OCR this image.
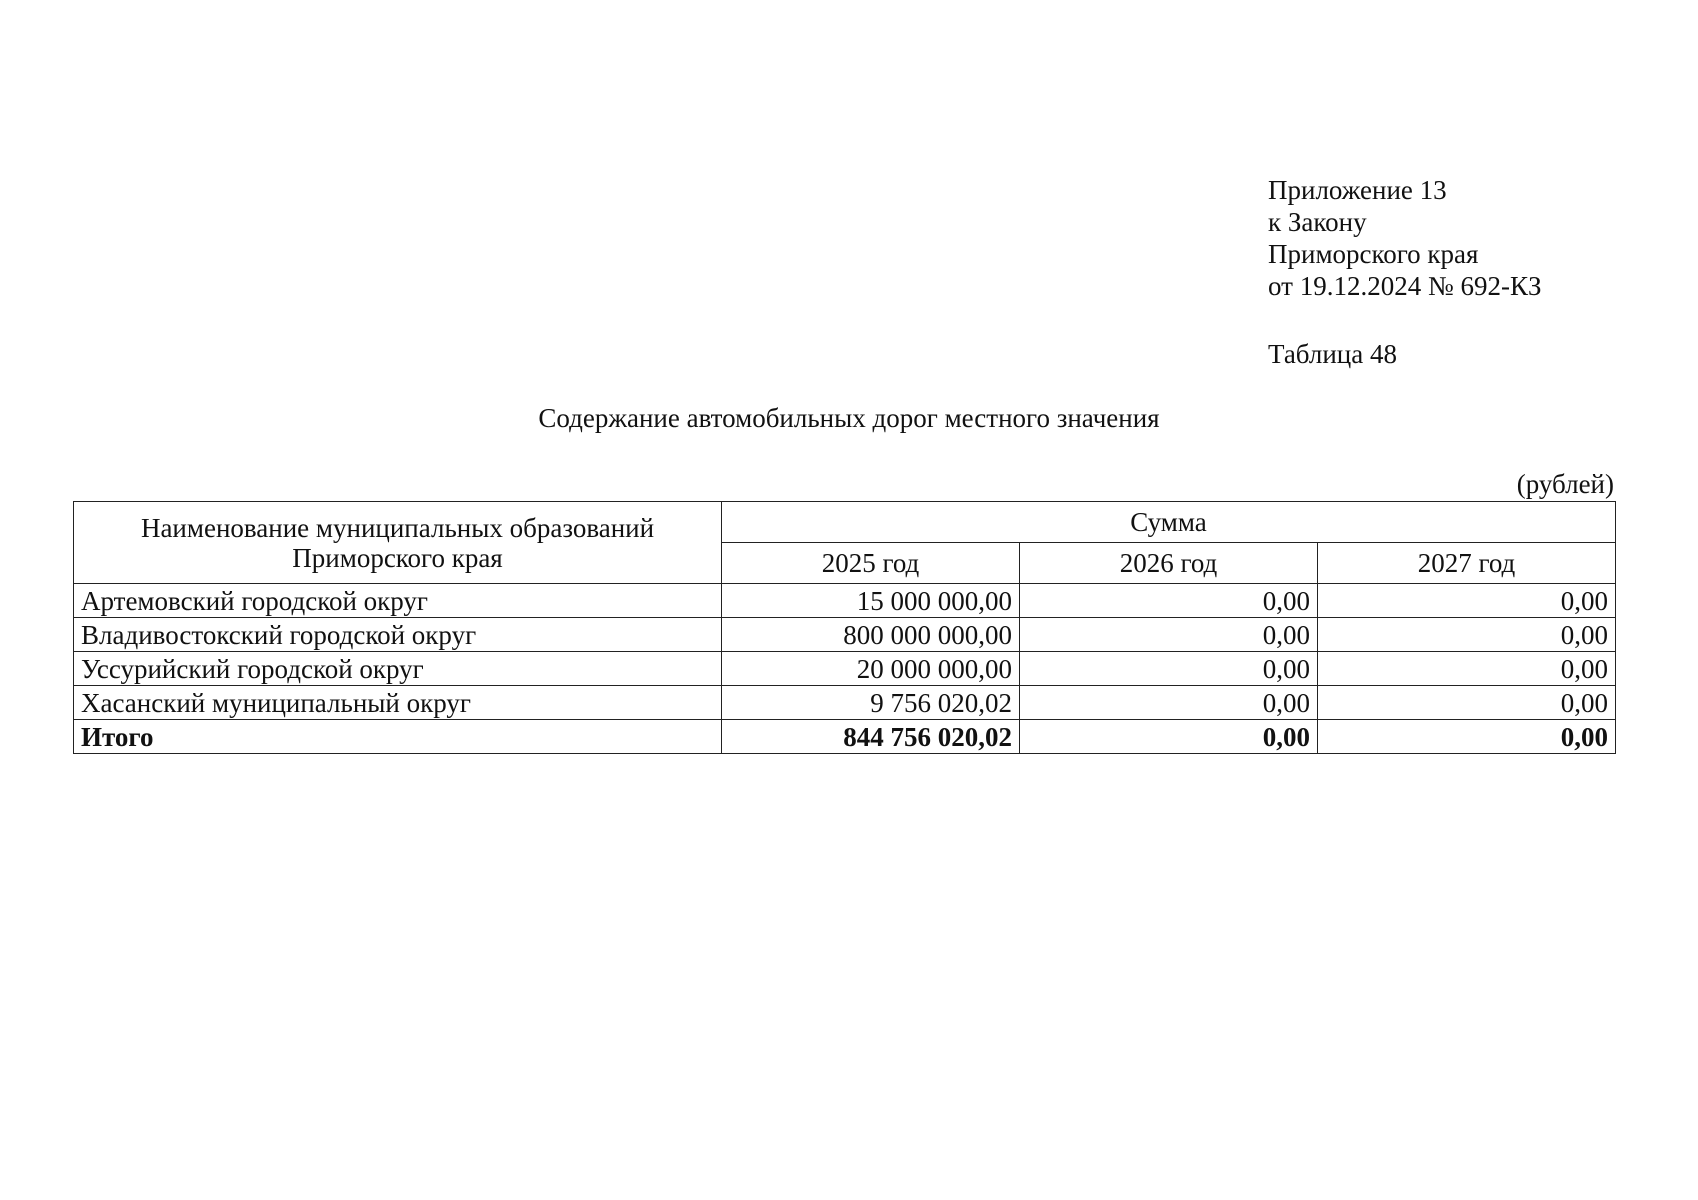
Приложение 13
к Закону
Приморского края
от 19.12.2024 № 692-КЗ
Таблица 48
Содержание автомобильных дорог местного значения
(рублей)
Наименование муниципальных образований
Приморского края	Сумма		
	2025 год	2026 год	2027 год
Артемовский городской округ	15 000 000,00	0,00	0,00
Владивостокский городской округ	800 000 000,00	0,00	0,00
Уссурийский городской округ	20 000 000,00	0,00	0,00
Хасанский муниципальный округ	9 756 020,02	0,00	0,00
Итого	844 756 020,02	0,00	0,00
